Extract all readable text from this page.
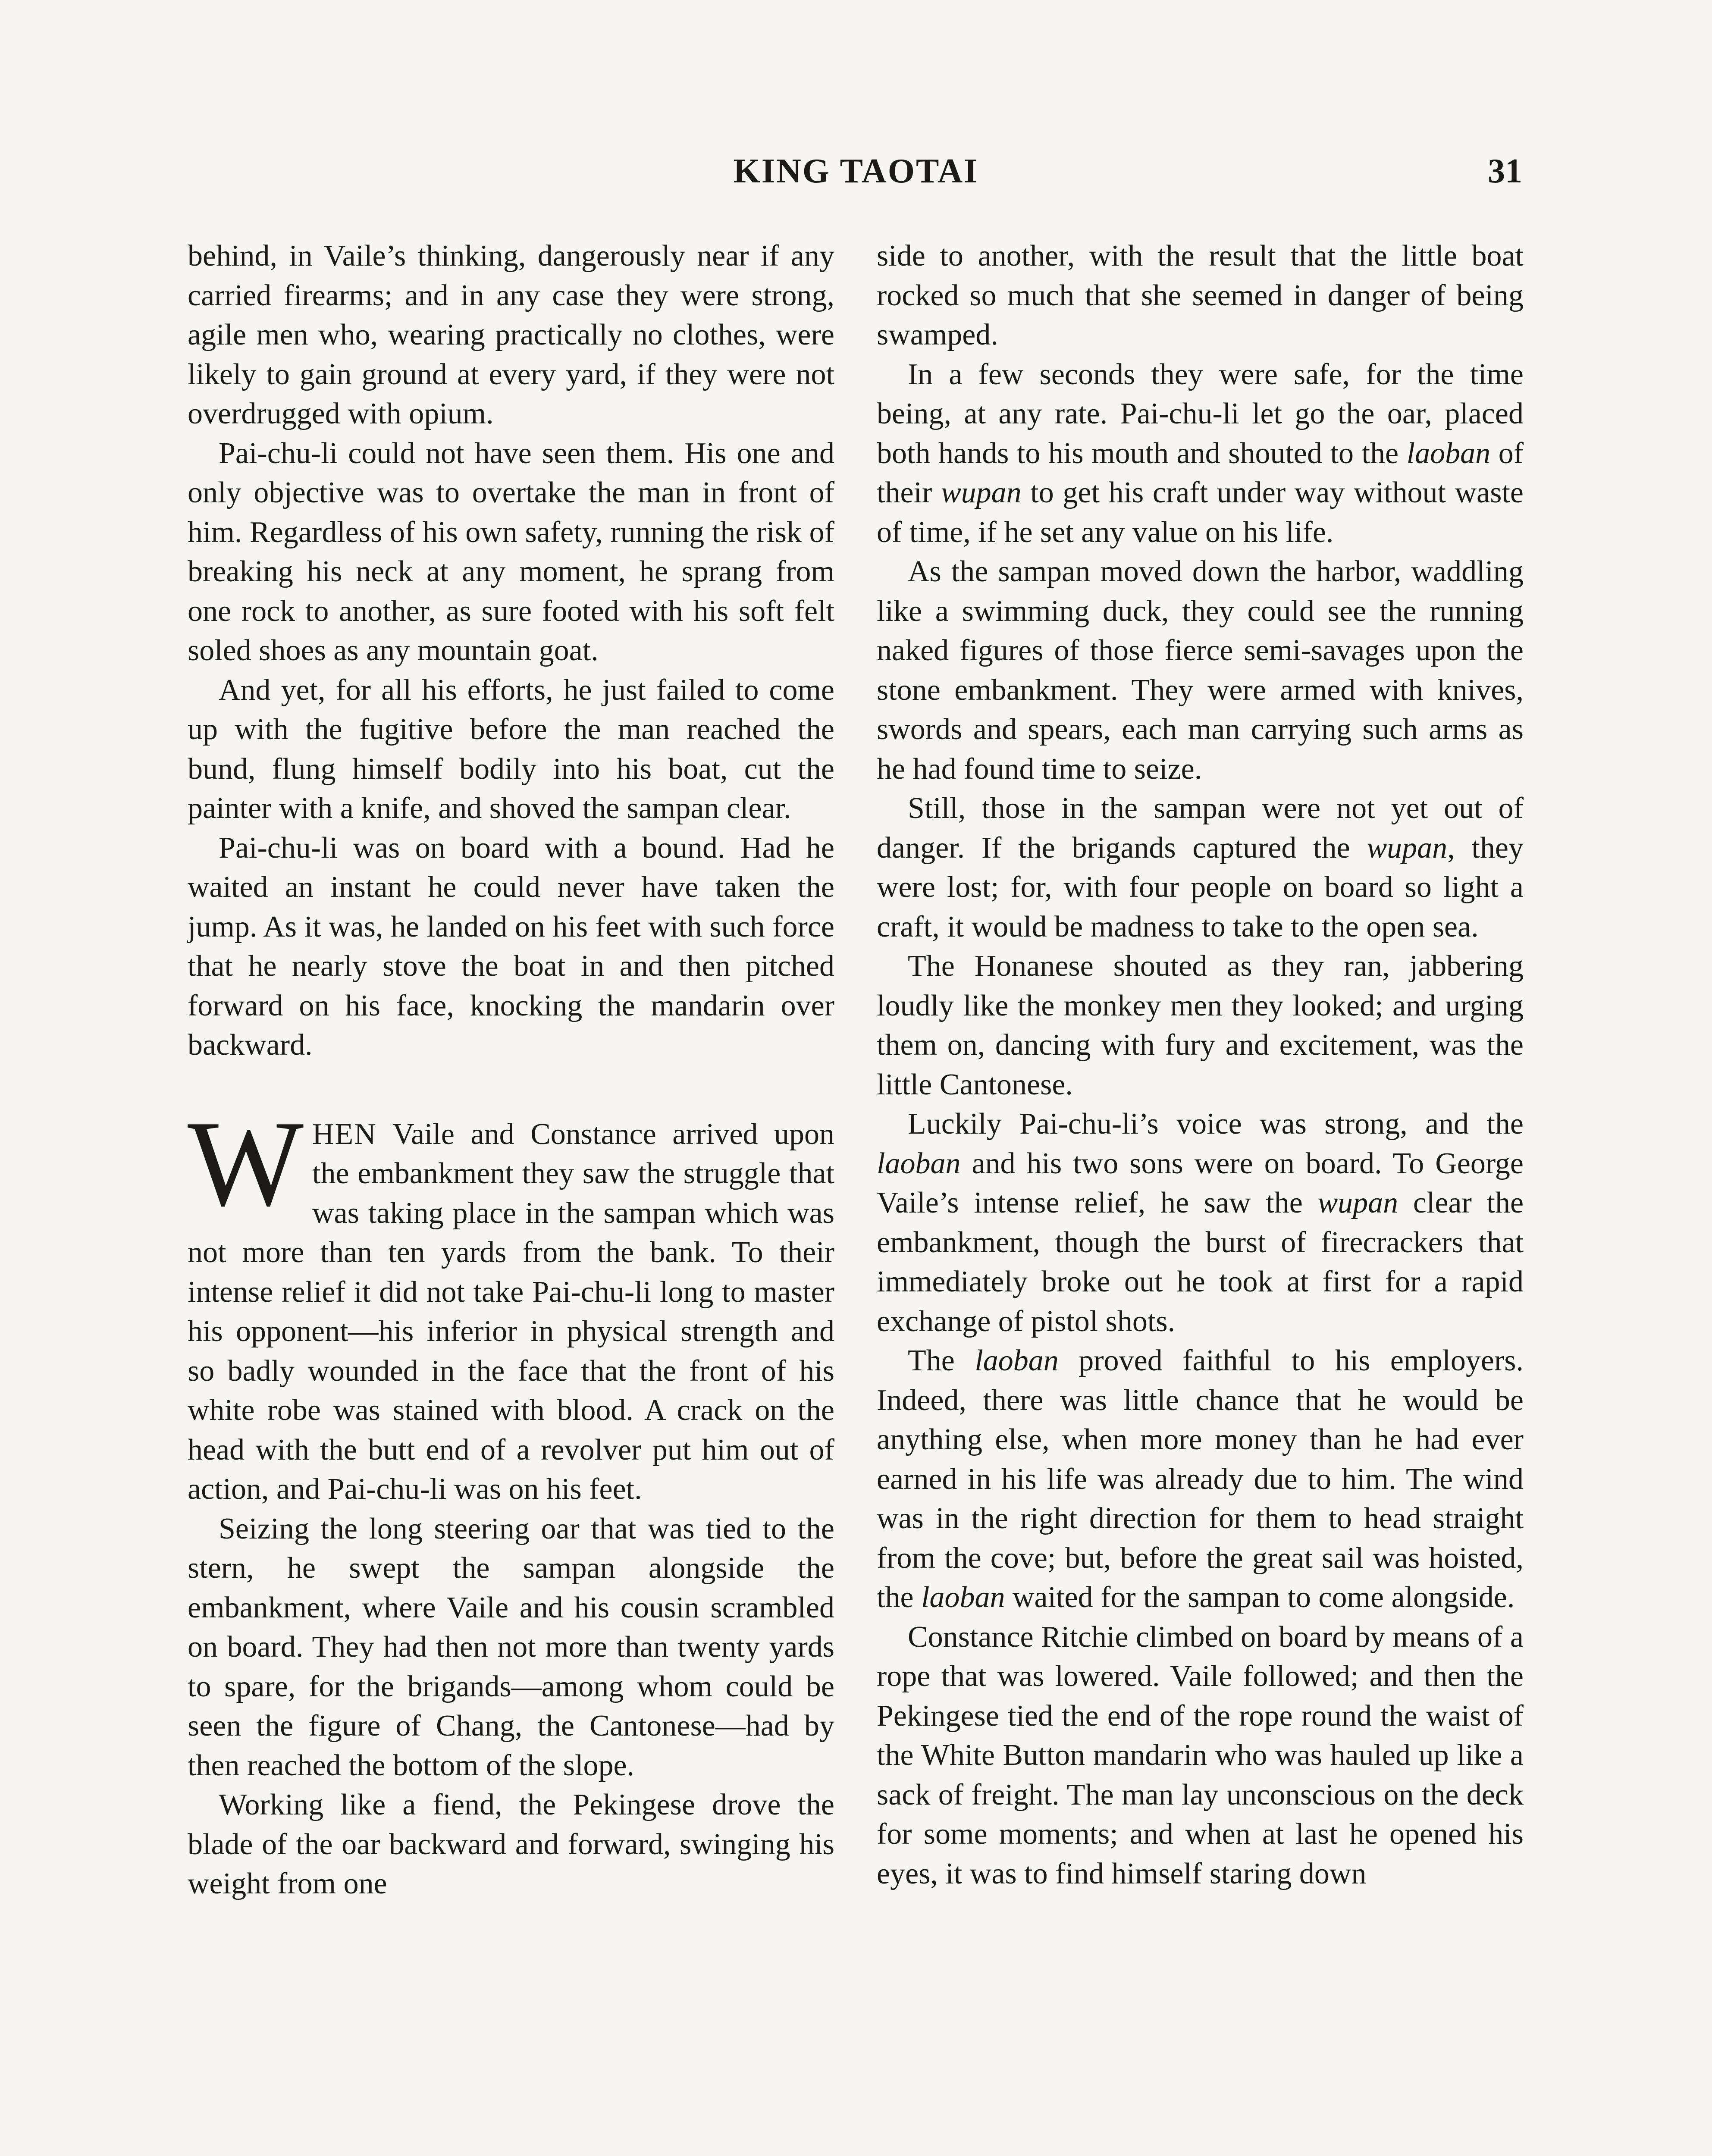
KING TAOTAI	31

behind, in Vaile’s thinking, dangerously near if any carried firearms; and in any case they were strong, agile men who, wearing practically no clothes, were likely to gain ground at every yard, if they were not overdrugged with opium.

Pai-chu-li could not have seen them. His one and only objective was to overtake the man in front of him. Regardless of his own safety, running the risk of breaking his neck at any moment, he sprang from one rock to another, as sure footed with his soft felt soled shoes as any mountain goat.

And yet, for all his efforts, he just failed to come up with the fugitive before the man reached the bund, flung himself bodily into his boat, cut the painter with a knife, and shoved the sampan clear.

Pai-chu-li was on board with a bound. Had he waited an instant he could never have taken the jump. As it was, he landed on his feet with such force that he nearly stove the boat in and then pitched forward on his face, knocking the mandarin over backward.

WHEN Vaile and Constance arrived upon the embankment they saw the struggle that was taking place in the sampan which was not more than ten yards from the bank. To their intense relief it did not take Pai-chu-li long to master his opponent—his inferior in physical strength and so badly wounded in the face that the front of his white robe was stained with blood. A crack on the head with the butt end of a revolver put him out of action, and Pai-chu-li was on his feet.

Seizing the long steering oar that was tied to the stern, he swept the sampan alongside the embankment, where Vaile and his cousin scrambled on board. They had then not more than twenty yards to spare, for the brigands—among whom could be seen the figure of Chang, the Cantonese—had by then reached the bottom of the slope.

Working like a fiend, the Pekingese drove the blade of the oar backward and forward, swinging his weight from one

side to another, with the result that the little boat rocked so much that she seemed in danger of being swamped.

In a few seconds they were safe, for the time being, at any rate. Pai-chu-li let go the oar, placed both hands to his mouth and shouted to the laoban of their wupan to get his craft under way without waste of time, if he set any value on his life.

As the sampan moved down the harbor, waddling like a swimming duck, they could see the running naked figures of those fierce semi-savages upon the stone embankment. They were armed with knives, swords and spears, each man carrying such arms as he had found time to seize.

Still, those in the sampan were not yet out of danger. If the brigands captured the wupan, they were lost; for, with four people on board so light a craft, it would be madness to take to the open sea.

The Honanese shouted as they ran, jabbering loudly like the monkey men they looked; and urging them on, dancing with fury and excitement, was the little Cantonese.

Luckily Pai-chu-li’s voice was strong, and the laoban and his two sons were on board. To George Vaile’s intense relief, he saw the wupan clear the embankment, though the burst of firecrackers that immediately broke out he took at first for a rapid exchange of pistol shots.

The laoban proved faithful to his employers. Indeed, there was little chance that he would be anything else, when more money than he had ever earned in his life was already due to him. The wind was in the right direction for them to head straight from the cove; but, before the great sail was hoisted, the laoban waited for the sampan to come alongside.

Constance Ritchie climbed on board by means of a rope that was lowered. Vaile followed; and then the Pekingese tied the end of the rope round the waist of the White Button mandarin who was hauled up like a sack of freight. The man lay unconscious on the deck for some moments; and when at last he opened his eyes, it was to find himself staring down
